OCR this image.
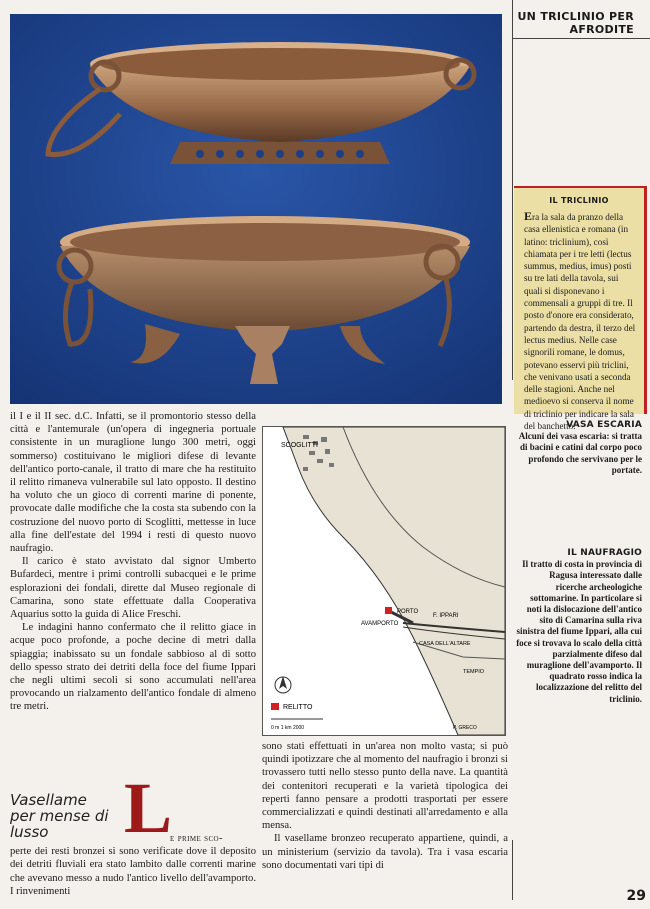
UN TRICLINIO PER AFRODITE
IL TRICLINIO
Era la sala da pranzo della casa ellenistica e romana (in latino: triclinium), così chiamata per i tre letti (lectus summus, medius, imus) posti su tre lati della tavola, sui quali si disponevano i commensali a gruppi di tre. Il posto d'onore era considerato, partendo da destra, il terzo del lectus medius. Nelle case signorili romane, le domus, potevano esservi più triclini, che venivano usati a seconda delle stagioni. Anche nel medioevo si conserva il nome di triclinio per indicare la sala del banchetto.
VASA ESCARIA
Alcuni dei vasa escaria: si tratta di bacini e catini dal corpo poco profondo che servivano per le portate.
IL NAUFRAGIO
Il tratto di costa in provincia di Ragusa interessato dalle ricerche archeologiche sottomarine. In particolare si noti la dislocazione dell'antico sito di Camarina sulla riva sinistra del fiume Ippari, alla cui foce si trovava lo scalo della città parzialmente difeso dal muraglione dell'avamporto. Il quadrato rosso indica la localizzazione del relitto del triclinio.

il I e il II sec. d.C. Infatti, se il promontorio stesso della città e l'antemurale (un'opera di ingegneria portuale consistente in un muraglione lungo 300 metri, oggi sommerso) costituivano le migliori difese di levante dell'antico porto-canale, il tratto di mare che ha restituito il relitto rimaneva vulnerabile sul lato opposto. Il destino ha voluto che un gioco di correnti marine di ponente, provocate dalle modifiche che la costa sta subendo con la costruzione del nuovo porto di Scoglitti, mettesse in luce alla fine dell'estate del 1994 i resti di questo nuovo naufragio.

Il carico è stato avvistato dal signor Umberto Bufardeci, mentre i primi controlli subacquei e le prime esplorazioni dei fondali, dirette dal Museo regionale di Camarina, sono state effettuate dalla Cooperativa Aquarius sotto la guida di Alice Freschi.

Le indagini hanno confermato che il relitto giace in acque poco profonde, a poche decine di metri dalla spiaggia; inabissato su un fondale sabbioso al di sotto dello spesso strato dei detriti della foce del fiume Ippari che negli ultimi secoli si sono accumulati nell'area provocando un rialzamento dell'antico fondale di almeno tre metri.

SCOGLITTI
PORTO
AVAMPORTO
F. IPPARI
CASA DELL'ALTARE
TEMPIO
RELITTO
0 m 1 km 2000	P. GRECO

sono stati effettuati in un'area non molto vasta; si può quindi ipotizzare che al momento del naufragio i bronzi si trovassero tutti nello stesso punto della nave. La quantità dei contenitori recuperati e la varietà tipologica dei reperti fanno pensare a prodotti trasportati per essere commercializzati e quindi destinati all'arredamento e alla mensa.

Il vasellame bronzeo recuperato appartiene, quindi, a un ministerium (servizio da tavola). Tra i vasa escaria sono documentati vari tipi di

Vasellame per mense di lusso	L
e prime sco-
perte dei resti bronzei si sono verificate dove il deposito dei detriti fluviali era stato lambito dalle correnti marine che avevano messo a nudo l'antico livello dell'avamporto. I rinvenimenti	29
